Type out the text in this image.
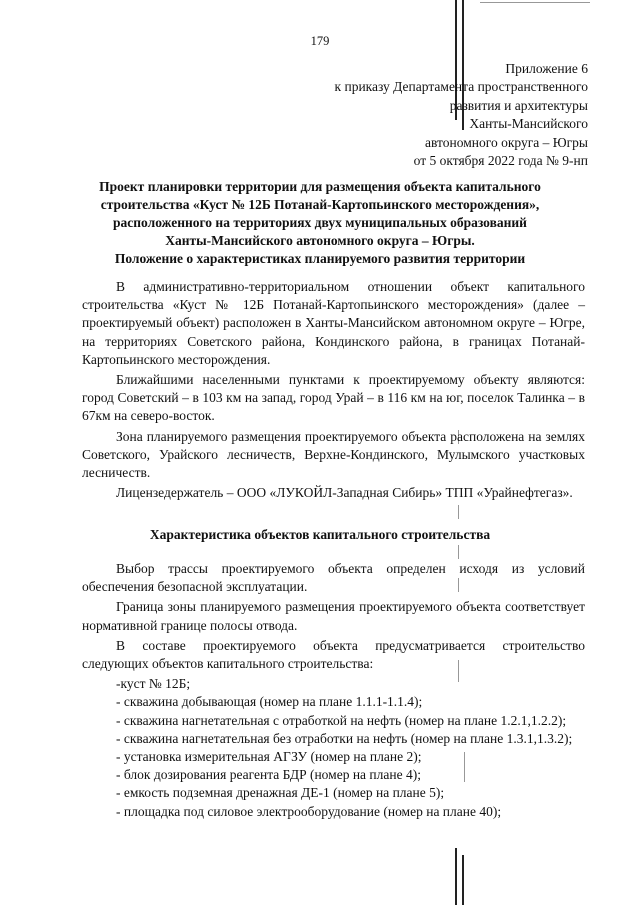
179
Приложение 6
к приказу Департамента пространственного
развития и архитектуры
Ханты-Мансийского
автономного округа – Югры
от 5 октября 2022 года № 9-нп
Проект планировки территории для размещения объекта капитального
строительства «Куст № 12Б Потанай-Картопьинского месторождения»,
расположенного на территориях двух муниципальных образований
Ханты-Мансийского автономного округа – Югры.
Положение о характеристиках планируемого развития территории

В административно-территориальном отношении объект капитального строительства «Куст № 12Б Потанай-Картопьинского месторождения» (далее – проектируемый объект) расположен в Ханты-Мансийском автономном округе – Югре, на территориях Советского района, Кондинского района, в границах Потанай-Картопьинского месторождения.

Ближайшими населенными пунктами к проектируемому объекту являются: город Советский – в 103 км на запад, город Урай – в 116 км на юг, поселок Талинка – в 67км на северо-восток.

Зона планируемого размещения проектируемого объекта расположена на землях Советского, Урайского лесничеств, Верхне-Кондинского, Мулымского участковых лесничеств.

Лицензедержатель – ООО «ЛУКОЙЛ-Западная Сибирь» ТПП «Урайнефтегаз».

Характеристика объектов капитального строительства

Выбор трассы проектируемого объекта определен исходя из условий обеспечения безопасной эксплуатации.

Граница зоны планируемого размещения проектируемого объекта соответствует нормативной границе полосы отвода.

В составе проектируемого объекта предусматривается строительство следующих объектов капитального строительства:

-куст № 12Б;

- скважина добывающая (номер на плане 1.1.1-1.1.4);

- скважина нагнетательная с отработкой на нефть (номер на плане 1.2.1,1.2.2);

- скважина нагнетательная без отработки на нефть (номер на плане 1.3.1,1.3.2);

- установка измерительная АГЗУ (номер на плане 2);

- блок дозирования реагента БДР (номер на плане 4);

- емкость подземная дренажная ДЕ-1 (номер на плане 5);

- площадка под силовое электрооборудование (номер на плане 40);
